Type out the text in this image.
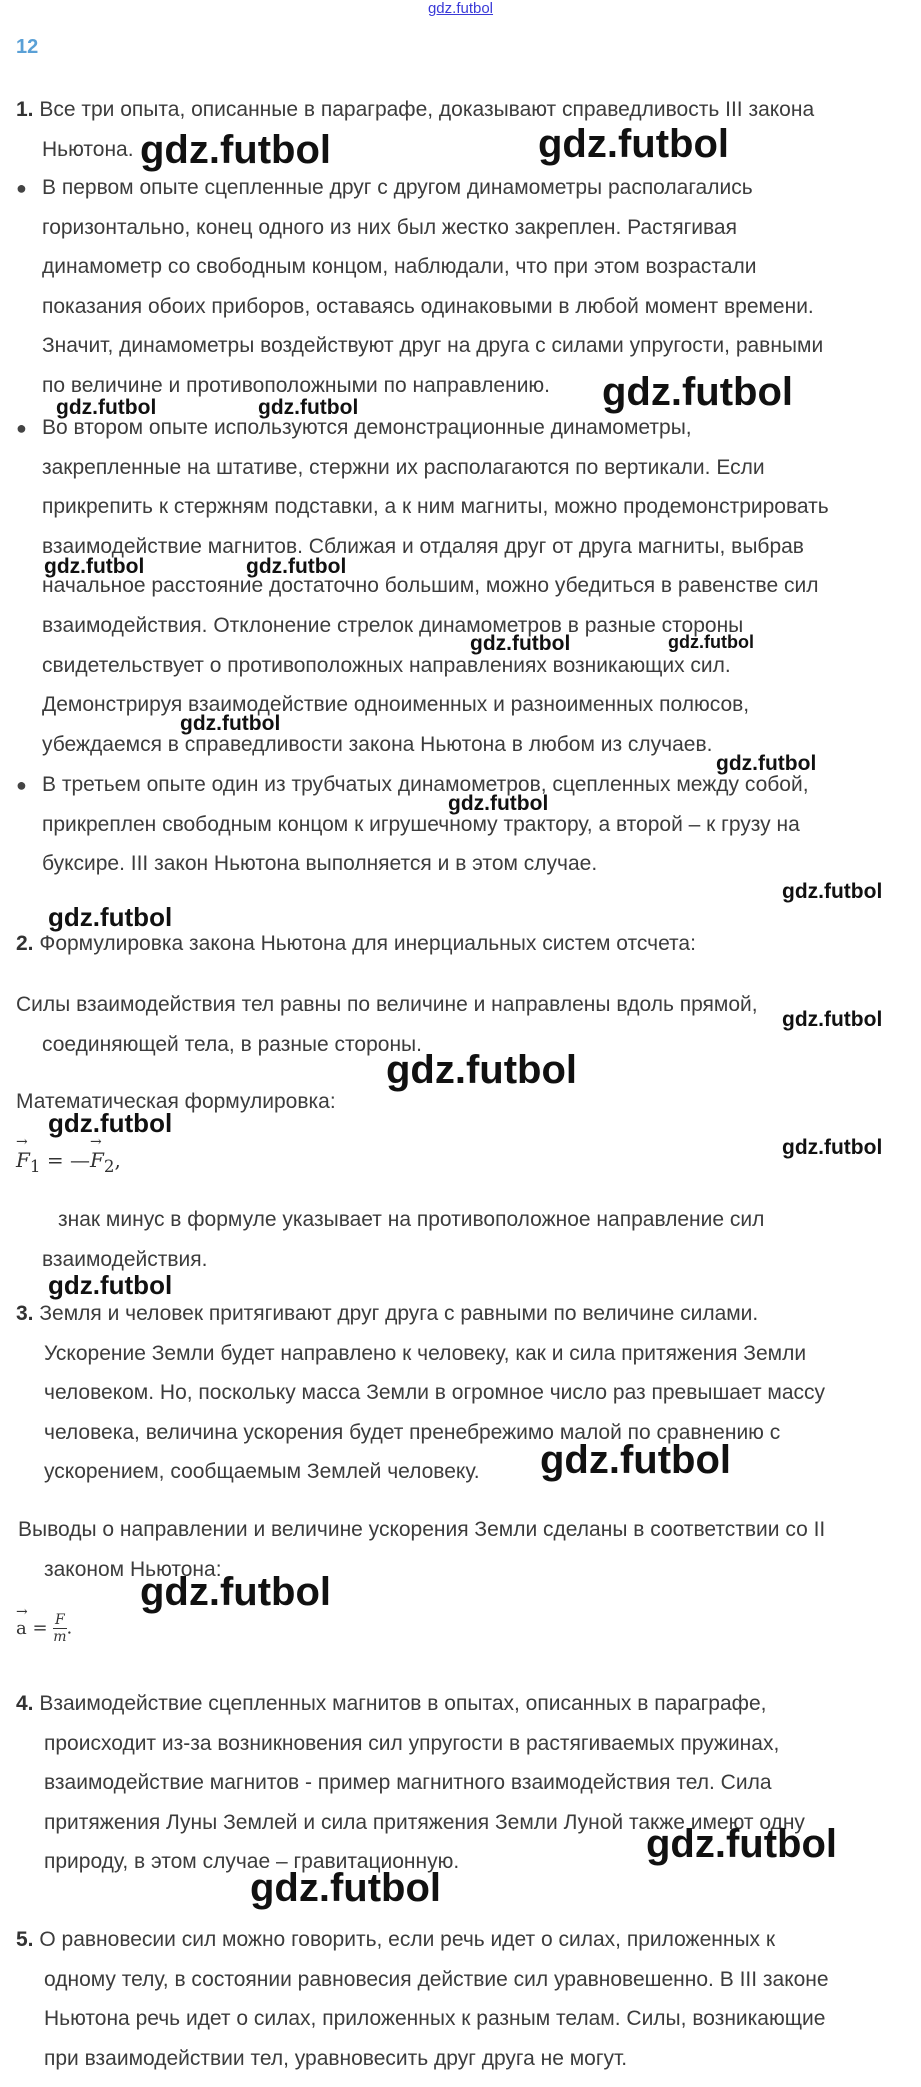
gdz.futbol
12
1. Все три опыта, описанные в параграфе, доказывают справедливость III закона
Ньютона.
● В первом опыте сцепленные друг с другом динамометры располагались
горизонтально, конец одного из них был жестко закреплен. Растягивая
динамометр со свободным концом, наблюдали, что при этом возрастали
показания обоих приборов, оставаясь одинаковыми в любой момент времени.
Значит, динамометры воздействуют друг на друга с силами упругости, равными
по величине и противоположными по направлению.
● Во втором опыте используются демонстрационные динамометры,
закрепленные на штативе, стержни их располагаются по вертикали. Если
прикрепить к стержням подставки, а к ним магниты, можно продемонстрировать
взаимодействие магнитов. Сближая и отдаляя друг от друга магниты, выбрав
начальное расстояние достаточно большим, можно убедиться в равенстве сил
взаимодействия. Отклонение стрелок динамометров в разные стороны
свидетельствует о противоположных направлениях возникающих сил.
Демонстрируя взаимодействие одноименных и разноименных полюсов,
убеждаемся в справедливости закона Ньютона в любом из случаев.
● В третьем опыте один из трубчатых динамометров, сцепленных между собой,
прикреплен свободным концом к игрушечному трактору, а второй – к грузу на
буксире. III закон Ньютона выполняется и в этом случае.
2. Формулировка закона Ньютона для инерциальных систем отсчета:
Силы взаимодействия тел равны по величине и направлены вдоль прямой,
соединяющей тела, в разные стороны.
Математическая формулировка:
→ $F_1$ = —→ $F_2$,
знак минус в формуле указывает на противоположное направление сил
взаимодействия.
3. Земля и человек притягивают друг друга с равными по величине силами.
Ускорение Земли будет направлено к человеку, как и сила притяжения Земли
человеком. Но, поскольку масса Земли в огромное число раз превышает массу
человека, величина ускорения будет пренебрежимо малой по сравнению с
ускорением, сообщаемым Землей человеку.
Выводы о направлении и величине ускорения Земли сделаны в соответствии со II
законом Ньютона:
→ $a = \frac{F}{m}$ .
4. Взаимодействие сцепленных магнитов в опытах, описанных в параграфе,
происходит из-за возникновения сил упругости в растягиваемых пружинах,
взаимодействие магнитов - пример магнитного взаимодействия тел. Сила
притяжения Луны Землей и сила притяжения Земли Луной также имеют одну
природу, в этом случае – гравитационную.
5. О равновесии сил можно говорить, если речь идет о силах, приложенных к
одному телу, в состоянии равновесия действие сил уравновешенно. В III законе
Ньютона речь идет о силах, приложенных к разным телам. Силы, возникающие
при взаимодействии тел, уравновесить друг друга не могут.
gdz.futbol	gdz.futbol
gdz.futbol	gdz.futbol	gdz.futbol
gdz.futbol	gdz.futbol
gdz.futbol	gdz.futbol
gdz.futbol
gdz.futbol
gdz.futbol
gdz.futbol
gdz.futbol
gdz.futbol
gdz.futbol
gdz.futbol
gdz.futbol
gdz.futbol
gdz.futbol
gdz.futbol
gdz.futbol
gdz.futbol
